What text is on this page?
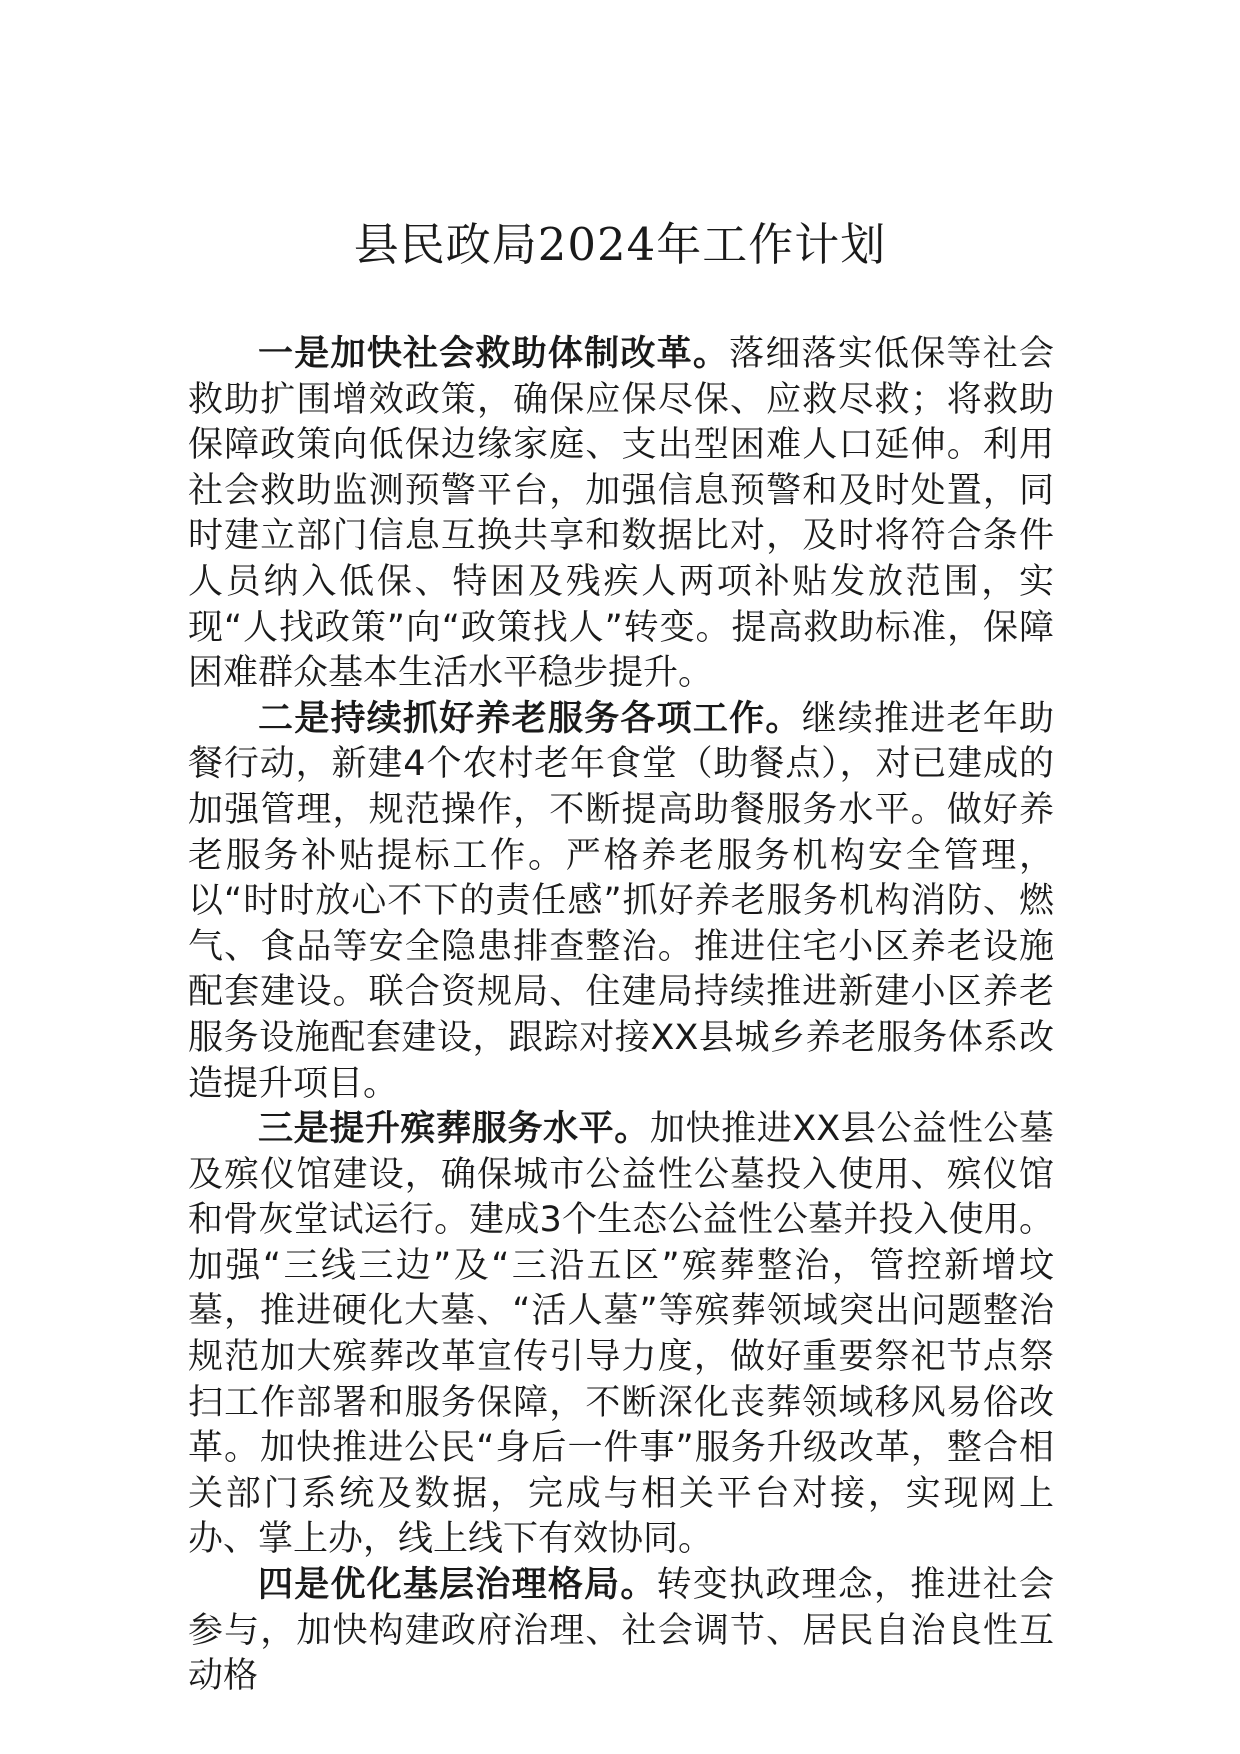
县民政局2024年工作计划

一是加快社会救助体制改革。落细落实低保等社会救助扩围增效政策，确保应保尽保、应救尽救；将救助保障政策向低保边缘家庭、支出型困难人口延伸。利用社会救助监测预警平台，加强信息预警和及时处置，同时建立部门信息互换共享和数据比对，及时将符合条件人员纳入低保、特困及残疾人两项补贴发放范围，实现“人找政策”向“政策找人”转变。提高救助标准，保障困难群众基本生活水平稳步提升。

二是持续抓好养老服务各项工作。继续推进老年助餐行动，新建4个农村老年食堂（助餐点），对已建成的加强管理，规范操作，不断提高助餐服务水平。做好养老服务补贴提标工作。严格养老服务机构安全管理，以“时时放心不下的责任感”抓好养老服务机构消防、燃气、食品等安全隐患排查整治。推进住宅小区养老设施配套建设。联合资规局、住建局持续推进新建小区养老服务设施配套建设，跟踪对接XX县城乡养老服务体系改造提升项目。

三是提升殡葬服务水平。加快推进XX县公益性公墓及殡仪馆建设，确保城市公益性公墓投入使用、殡仪馆和骨灰堂试运行。建成3个生态公益性公墓并投入使用。加强“三线三边”及“三沿五区”殡葬整治，管控新增坟墓，推进硬化大墓、“活人墓”等殡葬领域突出问题整治规范加大殡葬改革宣传引导力度，做好重要祭祀节点祭扫工作部署和服务保障，不断深化丧葬领域移风易俗改革。加快推进公民“身后一件事”服务升级改革，整合相关部门系统及数据，完成与相关平台对接，实现网上办、掌上办，线上线下有效协同。

四是优化基层治理格局。转变执政理念，推进社会参与，加快构建政府治理、社会调节、居民自治良性互动格
